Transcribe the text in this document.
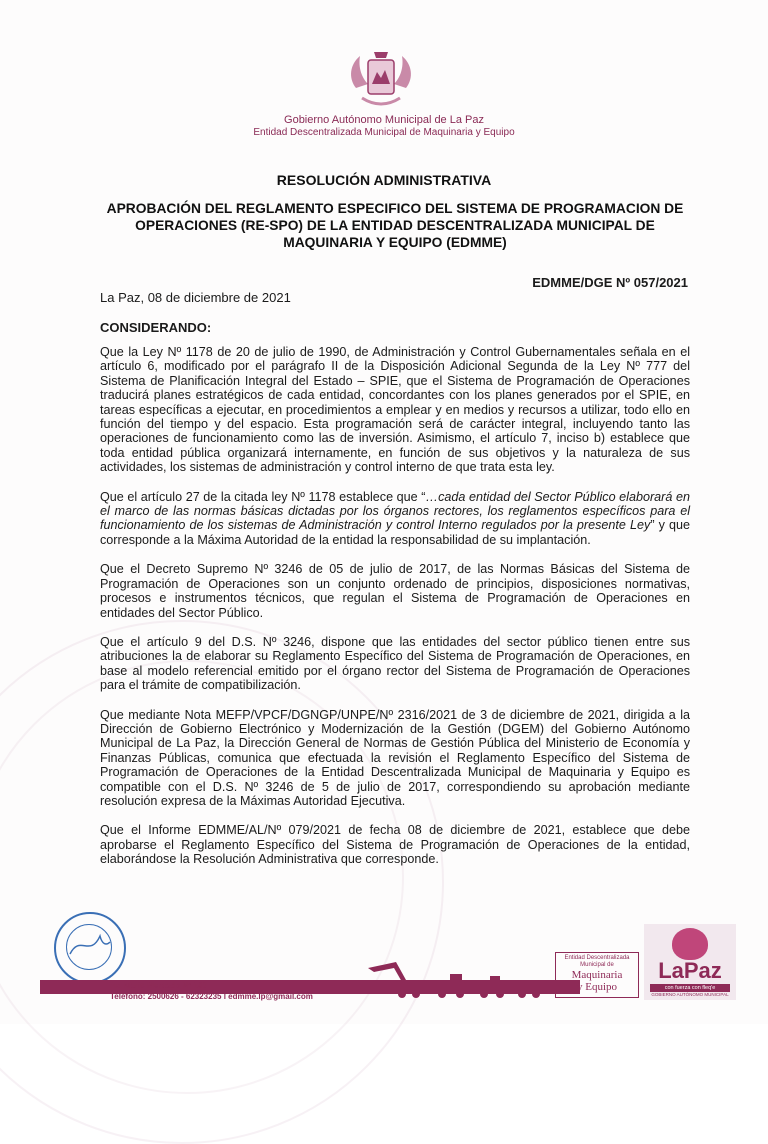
Gobierno Autónomo Municipal de La Paz
Entidad Descentralizada Municipal de Maquinaria y Equipo
RESOLUCIÓN ADMINISTRATIVA
APROBACIÓN DEL REGLAMENTO ESPECIFICO DEL SISTEMA DE PROGRAMACION DE OPERACIONES (RE-SPO) DE LA ENTIDAD DESCENTRALIZADA MUNICIPAL DE MAQUINARIA Y EQUIPO (EDMME)
EDMME/DGE Nº 057/2021
La Paz, 08 de diciembre de 2021
CONSIDERANDO:

Que la Ley Nº 1178 de 20 de julio de 1990, de Administración y Control Gubernamentales señala en el artículo 6, modificado por el parágrafo II de la Disposición Adicional Segunda de la Ley Nº 777 del Sistema de Planificación Integral del Estado – SPIE, que el Sistema de Programación de Operaciones traducirá planes estratégicos de cada entidad, concordantes con los planes generados por el SPIE, en tareas específicas a ejecutar, en procedimientos a emplear y en medios y recursos a utilizar, todo ello en función del tiempo y del espacio. Esta programación será de carácter integral, incluyendo tanto las operaciones de funcionamiento como las de inversión. Asimismo, el artículo 7, inciso b) establece que toda entidad pública organizará internamente, en función de sus objetivos y la naturaleza de sus actividades, los sistemas de administración y control interno de que trata esta ley.

Que el artículo 27 de la citada ley Nº 1178 establece que “…cada entidad del Sector Público elaborará en el marco de las normas básicas dictadas por los órganos rectores, los reglamentos específicos para el funcionamiento de los sistemas de Administración y control Interno regulados por la presente Ley” y que corresponde a la Máxima Autoridad de la entidad la responsabilidad de su implantación.

Que el Decreto Supremo Nº 3246 de 05 de julio de 2017, de las Normas Básicas del Sistema de Programación de Operaciones son un conjunto ordenado de principios, disposiciones normativas, procesos e instrumentos técnicos, que regulan el Sistema de Programación de Operaciones en entidades del Sector Público.

Que el artículo 9 del D.S. Nº 3246, dispone que las entidades del sector público tienen entre sus atribuciones la de elaborar su Reglamento Específico del Sistema de Programación de Operaciones, en base al modelo referencial emitido por el órgano rector del Sistema de Programación de Operaciones para el trámite de compatibilización.

Que mediante Nota MEFP/VPCF/DGNGP/UNPE/Nº 2316/2021 de 3 de diciembre de 2021, dirigida a la Dirección de Gobierno Electrónico y Modernización de la Gestión (DGEM) del Gobierno Autónomo Municipal de La Paz, la Dirección General de Normas de Gestión Pública del Ministerio de Economía y Finanzas Públicas, comunica que efectuada la revisión el Reglamento Específico del Sistema de Programación de Operaciones de la Entidad Descentralizada Municipal de Maquinaria y Equipo es compatible con el D.S. Nº 3246 de 5 de julio de 2017, correspondiendo su aprobación mediante resolución expresa de la Máximas Autoridad Ejecutiva.

Que el Informe EDMME/AL/Nº 079/2021 de fecha 08 de diciembre de 2021, establece que debe aprobarse el Reglamento Específico del Sistema de Programación de Operaciones de la entidad, elaborándose la Resolución Administrativa que corresponde.

Av. Mario Mercado Nº 100
Teléfono: 2500626 - 62323235 l edmme.lp@gmail.com
Entidad Descentralizada Municipal de
Maquinaria
y Equipo
LaPaz
con fuerza con fleq'e
GOBIERNO AUTÓNOMO MUNICIPAL
